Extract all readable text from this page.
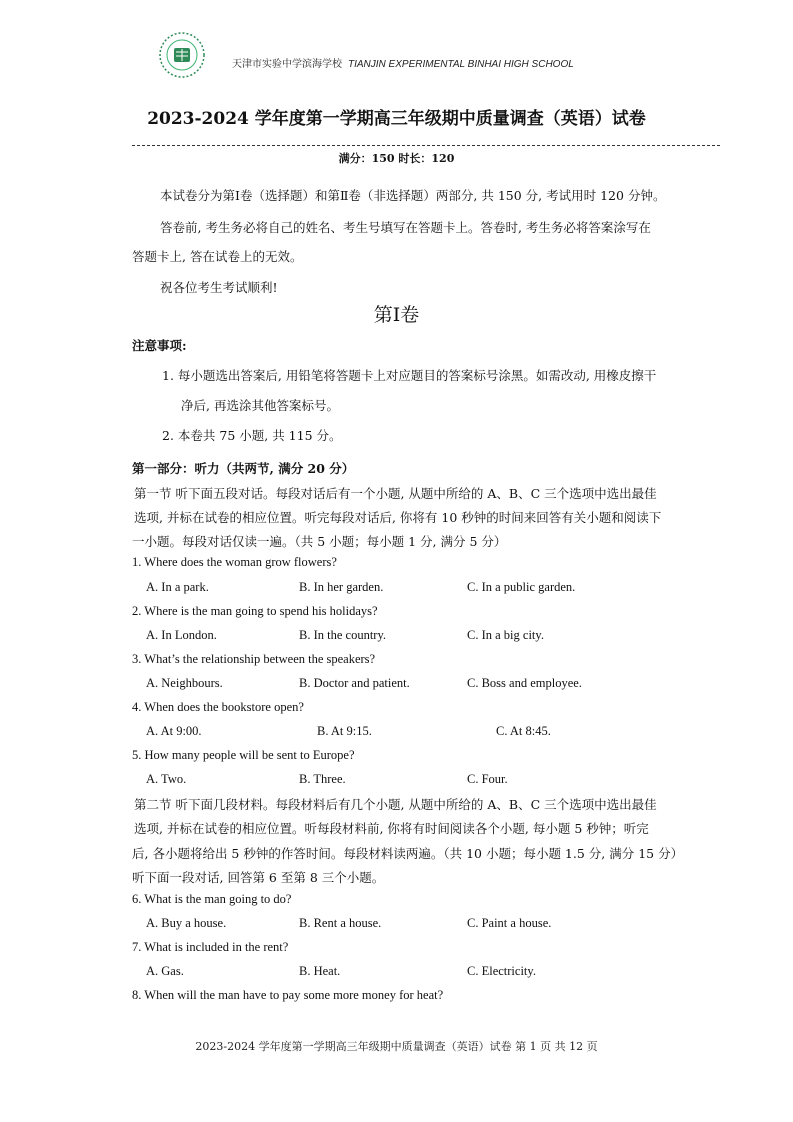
天津市实验中学滨海学校 TIANJIN EXPERIMENTAL BINHAI HIGH SCHOOL
2023-2024 学年度第一学期高三年级期中质量调查（英语）试卷
满分：150 时长：120
本试卷分为第Ⅰ卷（选择题）和第Ⅱ卷（非选择题）两部分, 共 150 分, 考试用时 120 分钟。
答卷前, 考生务必将自己的姓名、考生号填写在答题卡上。答卷时, 考生务必将答案涂写在
答题卡上, 答在试卷上的无效。
祝各位考生考试顺利!
第Ⅰ卷
注意事项:
1. 每小题选出答案后, 用铅笔将答题卡上对应题目的答案标号涂黑。如需改动, 用橡皮擦干
净后, 再选涂其他答案标号。
2. 本卷共 75 小题, 共 115 分。
第一部分：听力（共两节, 满分 20 分）
第一节 听下面五段对话。每段对话后有一个小题, 从题中所给的 A、B、C 三个选项中选出最佳
选项, 并标在试卷的相应位置。听完每段对话后, 你将有 10 秒钟的时间来回答有关小题和阅读下
一小题。每段对话仅读一遍。（共 5 小题；每小题 1 分, 满分 5 分）
1. Where does the woman grow flowers?
A. In a park.	B. In her garden.	C. In a public garden.
2. Where is the man going to spend his holidays?
A. In London.	B. In the country.	C. In a big city.
3. What’s the relationship between the speakers?
A. Neighbours.	B. Doctor and patient.	C. Boss and employee.
4. When does the bookstore open?
A. At 9:00.	B. At 9:15.	C. At 8:45.
5. How many people will be sent to Europe?
A. Two.	B. Three.	C. Four.
第二节 听下面几段材料。每段材料后有几个小题, 从题中所给的 A、B、C 三个选项中选出最佳
选项, 并标在试卷的相应位置。听每段材料前, 你将有时间阅读各个小题, 每小题 5 秒钟；听完
后, 各小题将给出 5 秒钟的作答时间。每段材料读两遍。（共 10 小题；每小题 1.5 分, 满分 15 分）
听下面一段对话, 回答第 6 至第 8 三个小题。
6. What is the man going to do?
A. Buy a house.	B. Rent a house.	C. Paint a house.
7. What is included in the rent?
A. Gas.	B. Heat.	C. Electricity.
8. When will the man have to pay some more money for heat?
2023-2024 学年度第一学期高三年级期中质量调查（英语）试卷 第 1 页 共 12 页
